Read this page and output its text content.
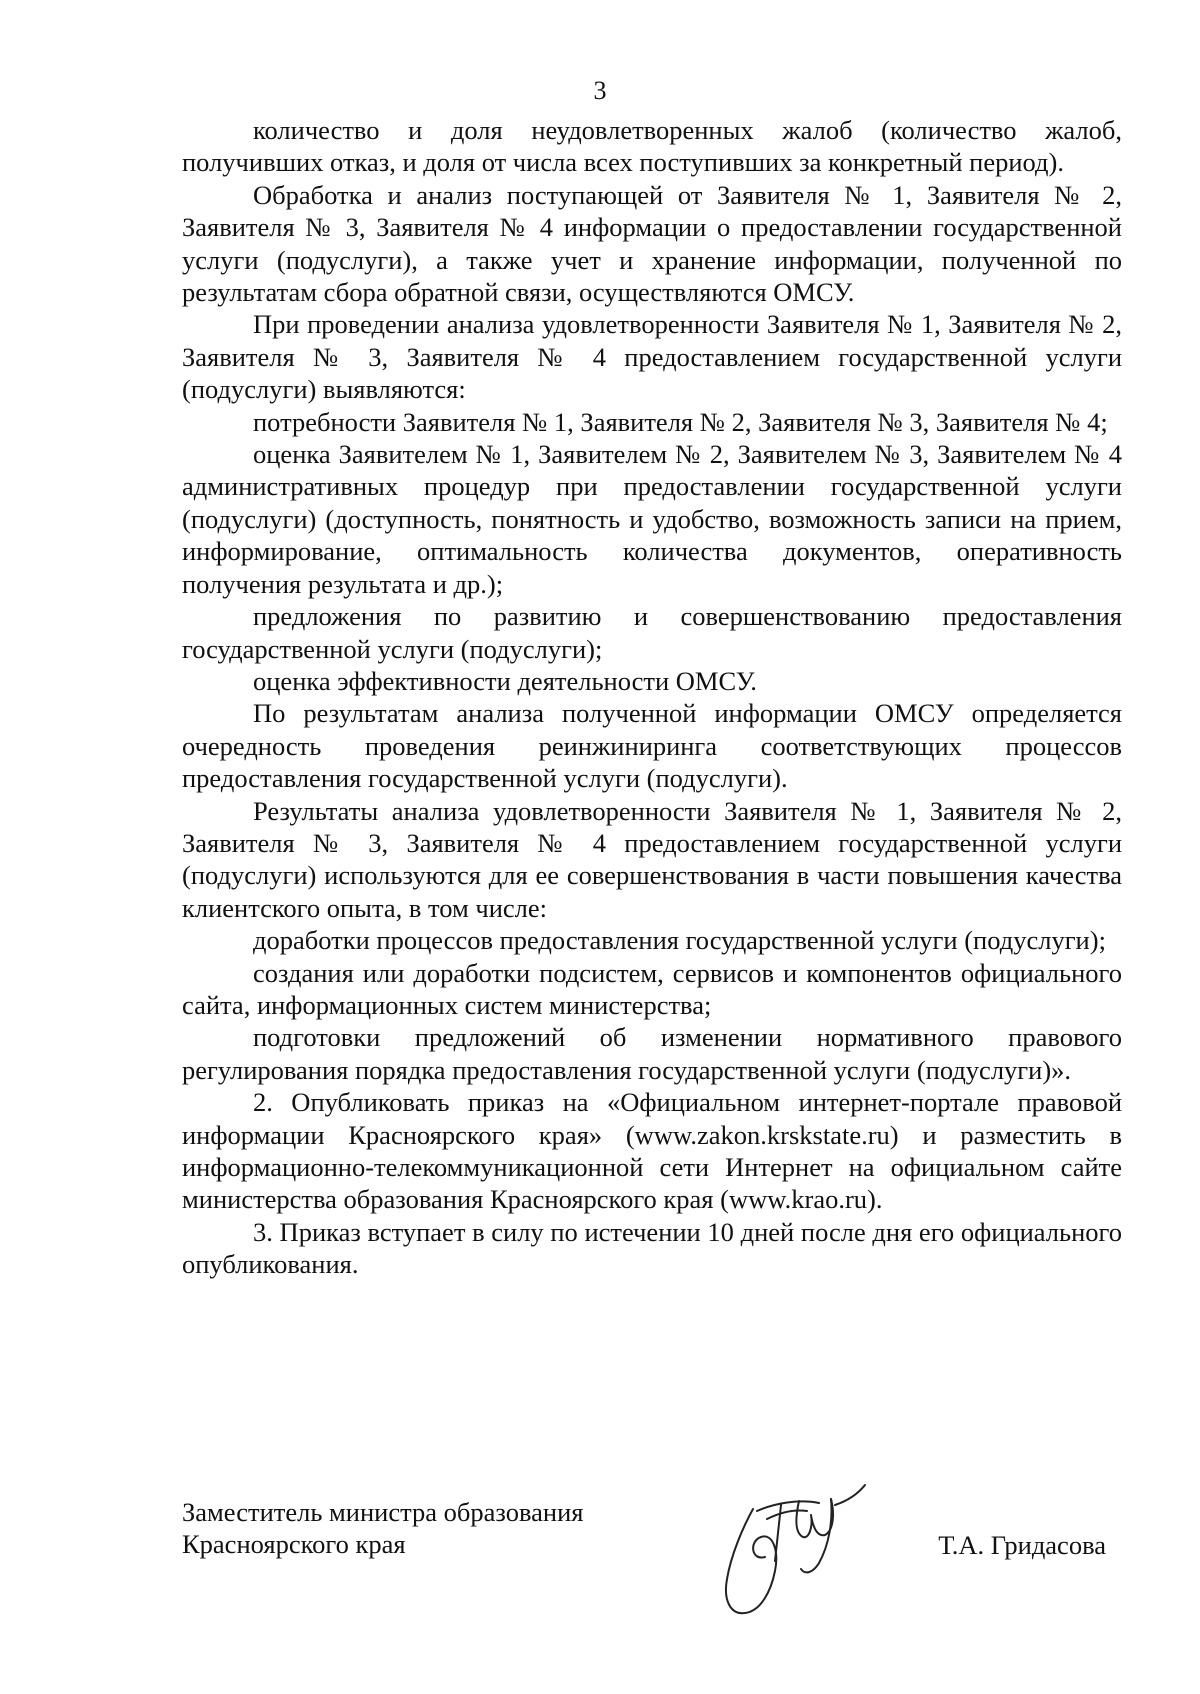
3

количество и доля неудовлетворенных жалоб (количество жалоб, получивших отказ, и доля от числа всех поступивших за конкретный период).

Обработка и анализ поступающей от Заявителя № 1, Заявителя № 2, Заявителя № 3, Заявителя № 4 информации о предоставлении государственной услуги (подуслуги), а также учет и хранение информации, полученной по результатам сбора обратной связи, осуществляются ОМСУ.

При проведении анализа удовлетворенности Заявителя № 1, Заявителя № 2, Заявителя № 3, Заявителя № 4 предоставлением государственной услуги (подуслуги) выявляются:

потребности Заявителя № 1, Заявителя № 2, Заявителя № 3, Заявителя № 4;

оценка Заявителем № 1, Заявителем № 2, Заявителем № 3, Заявителем № 4 административных процедур при предоставлении государственной услуги (подуслуги) (доступность, понятность и удобство, возможность записи на прием, информирование, оптимальность количества документов, оперативность получения результата и др.);

предложения по развитию и совершенствованию предоставления государственной услуги (подуслуги);

оценка эффективности деятельности ОМСУ.

По результатам анализа полученной информации ОМСУ определяется очередность проведения реинжиниринга соответствующих процессов предоставления государственной услуги (подуслуги).

Результаты анализа удовлетворенности Заявителя № 1, Заявителя № 2, Заявителя № 3, Заявителя № 4 предоставлением государственной услуги (подуслуги) используются для ее совершенствования в части повышения качества клиентского опыта, в том числе:

доработки процессов предоставления государственной услуги (подуслуги);

создания или доработки подсистем, сервисов и компонентов официального сайта, информационных систем министерства;

подготовки предложений об изменении нормативного правового регулирования порядка предоставления государственной услуги (подуслуги)».

2. Опубликовать приказ на «Официальном интернет-портале правовой информации Красноярского края» (www.zakon.krskstate.ru) и разместить в информационно-телекоммуникационной сети Интернет на официальном сайте министерства образования Красноярского края (www.krao.ru).

3. Приказ вступает в силу по истечении 10 дней после дня его официального опубликования.

Заместитель министра образования
Красноярского края	Т.А. Гридасова
